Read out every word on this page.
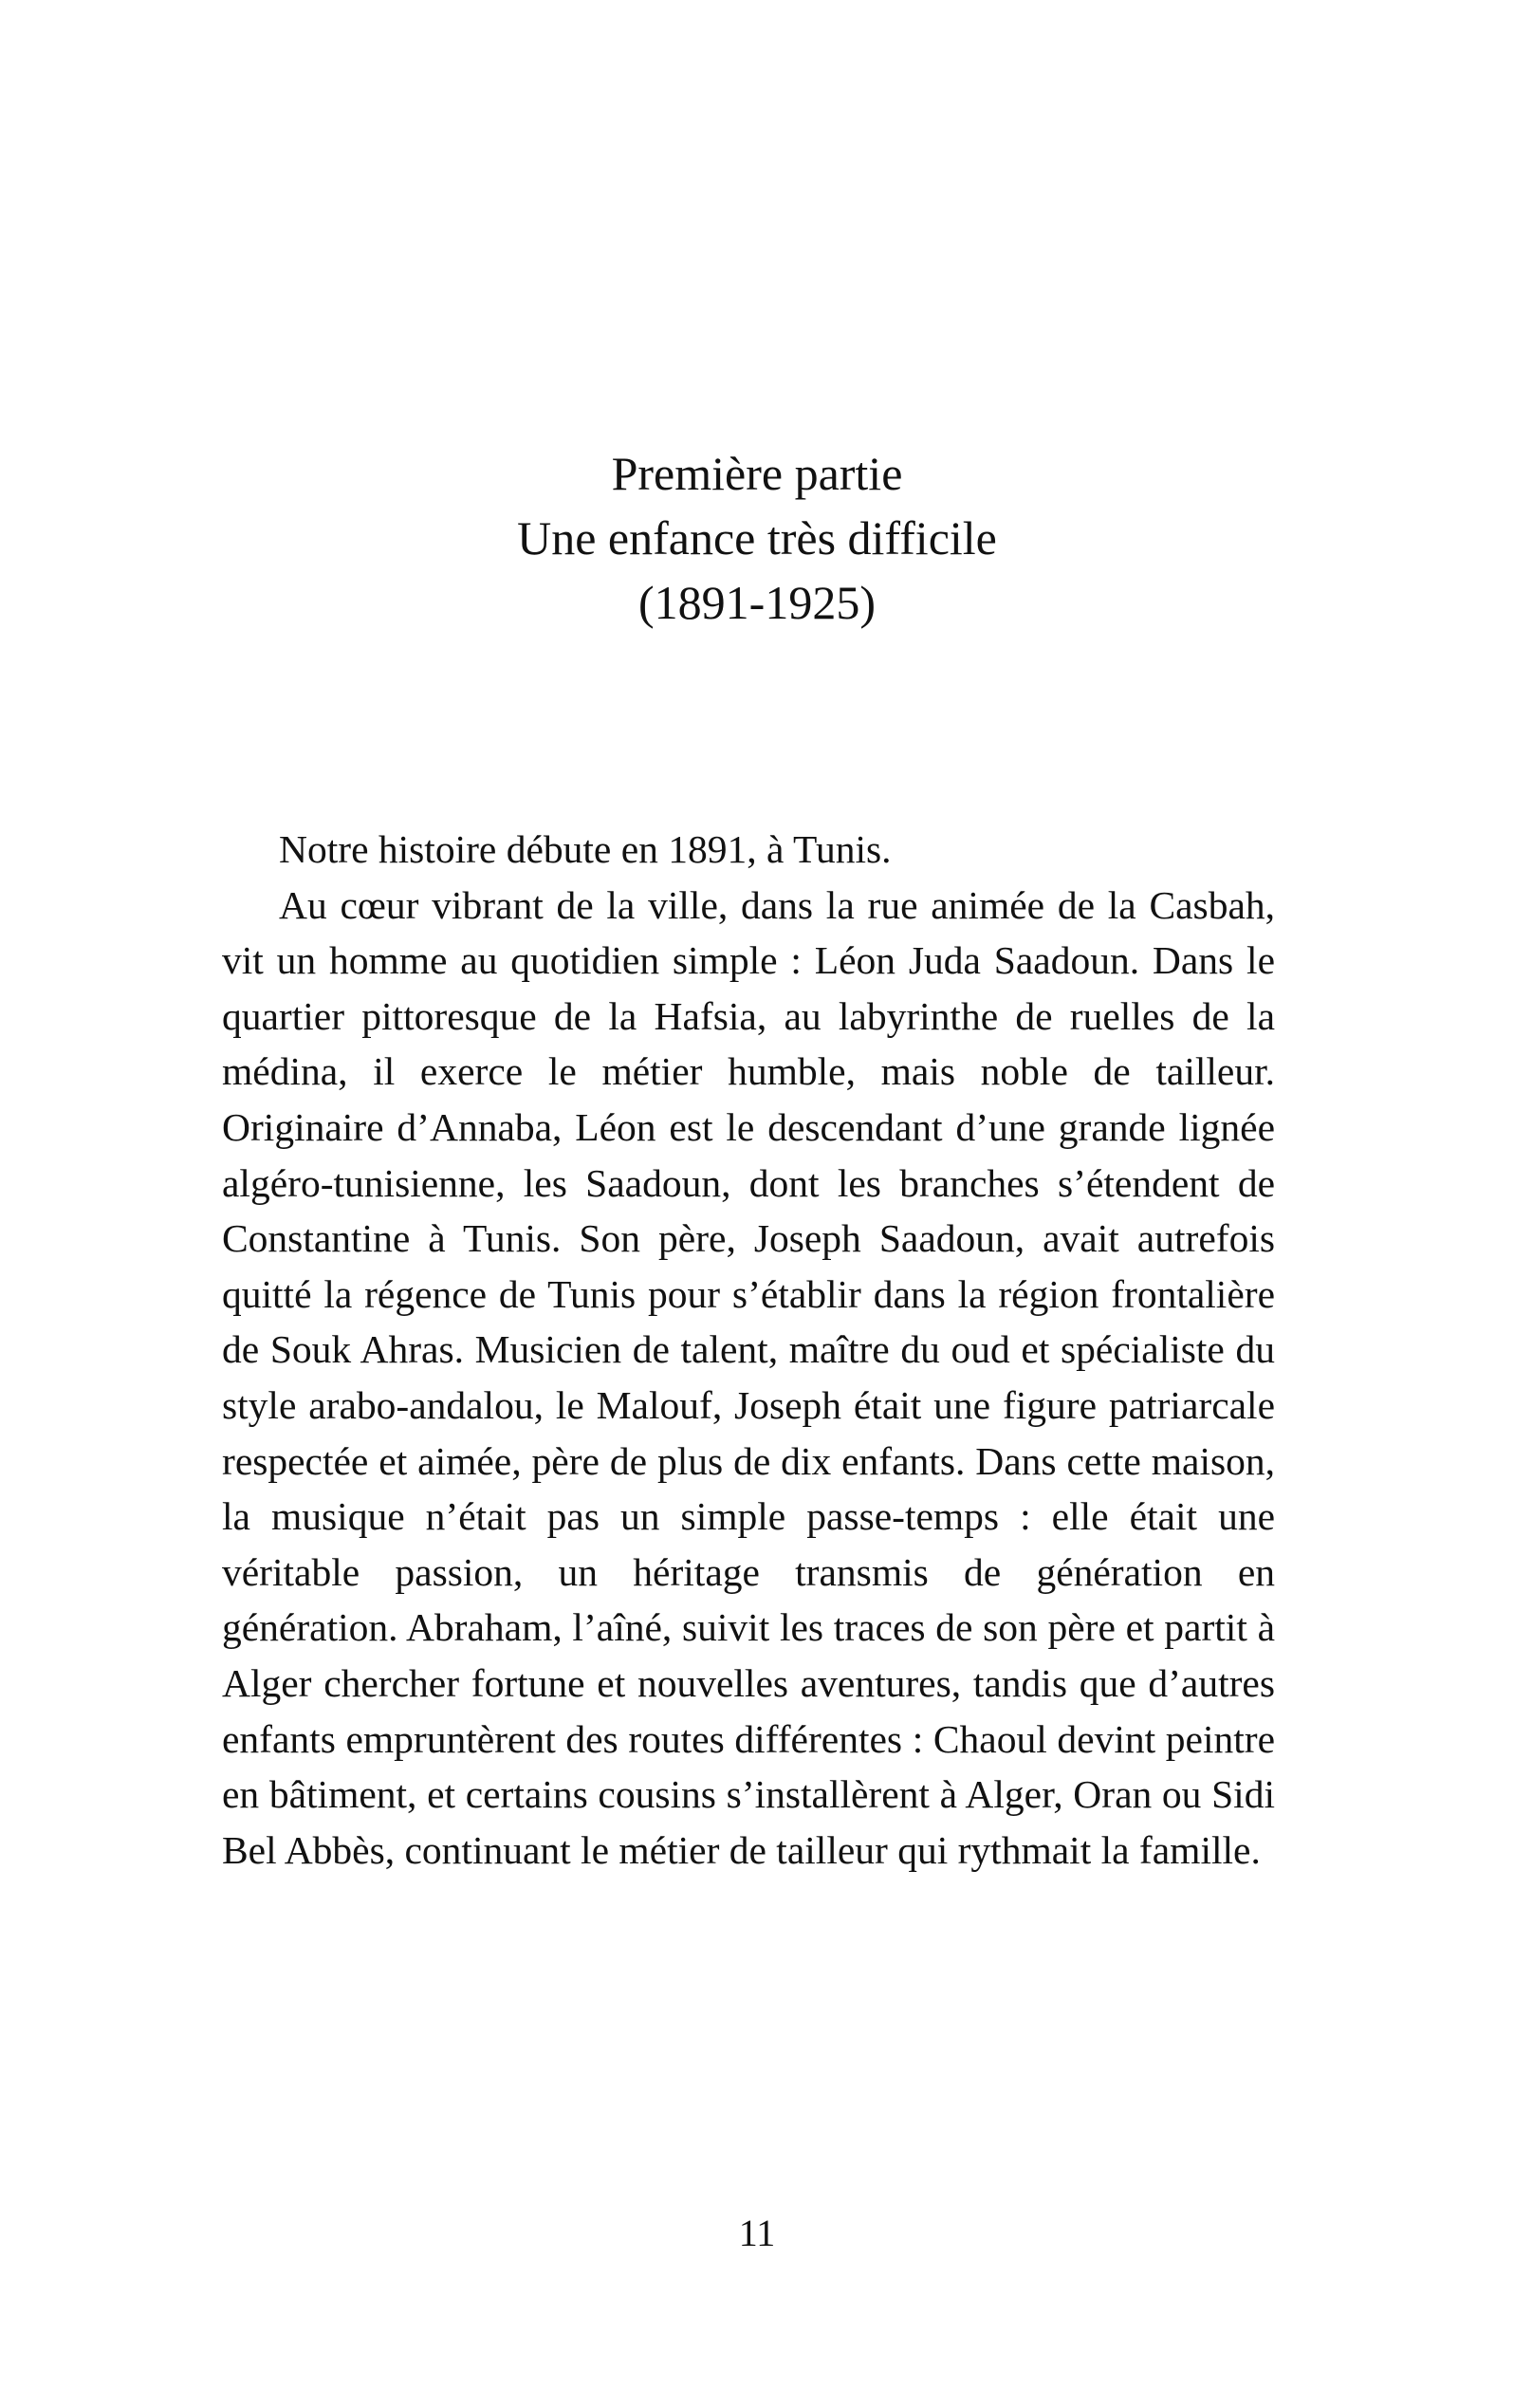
Première partie
Une enfance très difficile
(1891-1925)

Notre histoire débute en 1891, à Tunis.

Au cœur vibrant de la ville, dans la rue animée de la Casbah, vit un homme au quotidien simple : Léon Juda Saadoun. Dans le quartier pittoresque de la Hafsia, au labyrinthe de ruelles de la médina, il exerce le métier humble, mais noble de tailleur. Originaire d’Annaba, Léon est le descendant d’une grande lignée algéro-tunisienne, les Saadoun, dont les branches s’étendent de Constantine à Tunis. Son père, Joseph Saadoun, avait autrefois quitté la régence de Tunis pour s’établir dans la région frontalière de Souk Ahras. Musicien de talent, maître du oud et spécialiste du style arabo-andalou, le Malouf, Joseph était une figure patriarcale respectée et aimée, père de plus de dix enfants. Dans cette maison, la musique n’était pas un simple passe-temps : elle était une véritable passion, un héritage transmis de génération en génération. Abraham, l’aîné, suivit les traces de son père et partit à Alger chercher fortune et nouvelles aventures, tandis que d’autres enfants empruntèrent des routes différentes : Chaoul devint peintre en bâtiment, et certains cousins s’installèrent à Alger, Oran ou Sidi Bel Abbès, continuant le métier de tailleur qui rythmait la famille.

11
